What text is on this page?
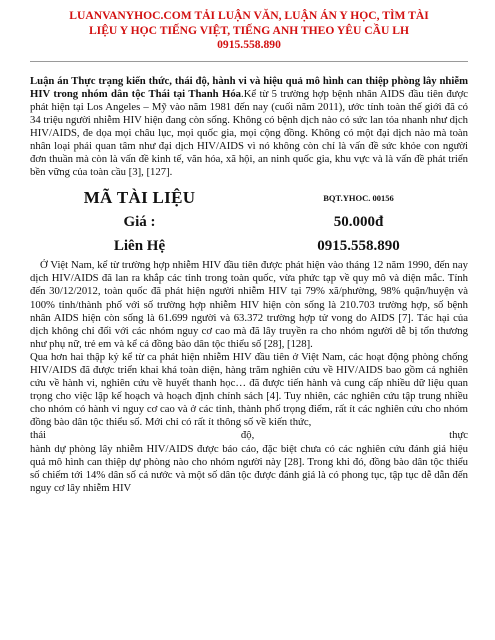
LUANVANYHOC.COM TẢI LUẬN VĂN, LUẬN ÁN Y HỌC, TÌM TÀI
LIỆU Y HỌC TIẾNG VIỆT, TIẾNG ANH THEO YÊU CẦU LH
0915.558.890
Luận án Thực trạng kiến thức, thái độ, hành vi và hiệu quả mô hình can thiệp phòng lây nhiễm HIV trong nhóm dân tộc Thái tại Thanh Hóa.Kể từ 5 trường hợp bệnh nhân AIDS đầu tiên được phát hiện tại Los Angeles – Mỹ vào năm 1981 đến nay (cuối năm 2011), ước tính toàn thế giới đã có 34 triệu người nhiễm HIV hiện đang còn sống. Không có bệnh dịch nào có sức lan tỏa nhanh như dịch HIV/AIDS, đe dọa mọi châu lục, mọi quốc gia, mọi cộng đồng. Không có một đại dịch nào mà toàn nhân loại phải quan tâm như đại dịch HIV/AIDS vì nó không còn chỉ là vấn đề sức khỏe con người đơn thuần mà còn là vấn đề kinh tế, văn hóa, xã hội, an ninh quốc gia, khu vực và là vấn đề phát triển bền vững của toàn cầu [3], [127].
MÃ TÀI LIỆU	BQT.YHOC. 00156
Giá :	50.000đ
Liên Hệ	0915.558.890

Ở Việt Nam, kể từ trường hợp nhiễm HIV đầu tiên được phát hiện vào tháng 12 năm 1990, đến nay dịch HIV/AIDS đã lan ra khắp các tỉnh trong toàn quốc, vừa phức tạp về quy mô và diện mắc. Tính đến 30/12/2012, toàn quốc đã phát hiện người nhiễm HIV tại 79% xã/phường, 98% quận/huyện và 100% tỉnh/thành phố với số trường hợp nhiễm HIV hiện còn sống là 210.703 trường hợp, số bệnh nhân AIDS hiện còn sống là 61.699 người và 63.372 trường hợp tử vong do AIDS [7]. Tác hại của dịch không chỉ đối với các nhóm nguy cơ cao mà đã lây truyền ra cho nhóm người dễ bị tổn thương như phụ nữ, trẻ em và kể cả đồng bào dân tộc thiểu số [28], [128].

Qua hơn hai thập kỷ kể từ ca phát hiện nhiễm HIV đầu tiên ở Việt Nam, các hoạt động phòng chống HIV/AIDS đã được triển khai khá toàn diện, hàng trăm nghiên cứu về HIV/AIDS bao gồm cả nghiên cứu về hành vi, nghiên cứu về huyết thanh học… đã được tiến hành và cung cấp nhiều dữ liệu quan trọng cho việc lập kế hoạch và hoạch định chính sách [4]. Tuy nhiên, các nghiên cứu tập trung nhiều cho nhóm có hành vi nguy cơ cao và ở các tỉnh, thành phố trọng điểm, rất ít các nghiên cứu cho nhóm đồng bào dân tộc thiểu số. Mới chỉ có rất ít thông số về kiến thức,

thái	độ,	thực

hành dự phòng lây nhiễm HIV/AIDS được báo cáo, đặc biệt chưa có các nghiên cứu đánh giá hiệu quả mô hình can thiệp dự phòng nào cho nhóm người này [28]. Trong khi đó, đồng bào dân tộc thiểu số chiếm tới 14% dân số cả nước và một số dân tộc được đánh giá là có phong tục, tập tục dễ dẫn đến nguy cơ lây nhiễm HIV
